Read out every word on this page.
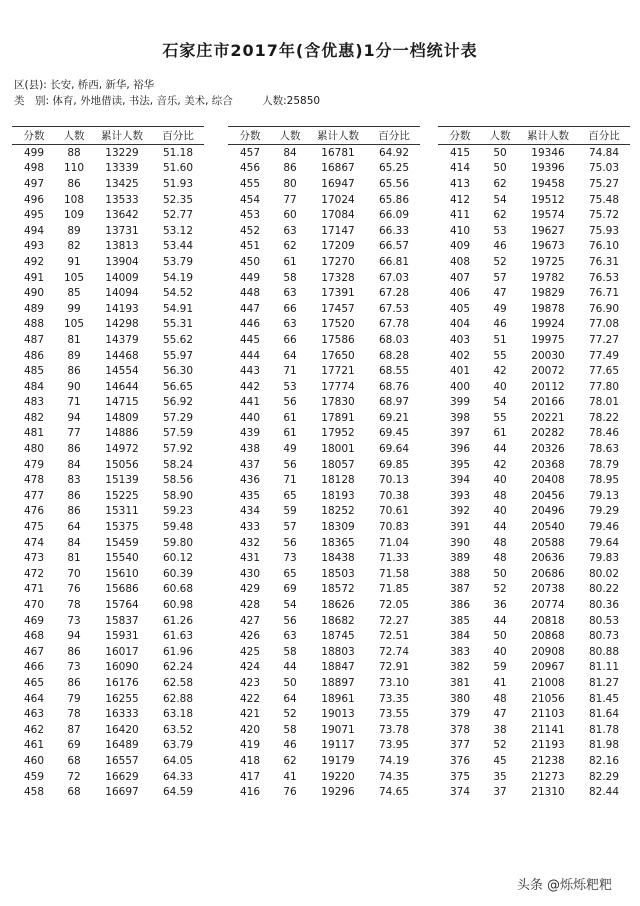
石家庄市2017年(含优惠)1分一档统计表
区(县): 长安, 桥西, 新华, 裕华
类　别: 体育, 外地借读, 书法, 音乐, 美术, 综合	人数:25850
分数	人数	累计人数	百分比
499	88	13229	51.18
498	110	13339	51.60
497	86	13425	51.93
496	108	13533	52.35
495	109	13642	52.77
494	89	13731	53.12
493	82	13813	53.44
492	91	13904	53.79
491	105	14009	54.19
490	85	14094	54.52
489	99	14193	54.91
488	105	14298	55.31
487	81	14379	55.62
486	89	14468	55.97
485	86	14554	56.30
484	90	14644	56.65
483	71	14715	56.92
482	94	14809	57.29
481	77	14886	57.59
480	86	14972	57.92
479	84	15056	58.24
478	83	15139	58.56
477	86	15225	58.90
476	86	15311	59.23
475	64	15375	59.48
474	84	15459	59.80
473	81	15540	60.12
472	70	15610	60.39
471	76	15686	60.68
470	78	15764	60.98
469	73	15837	61.26
468	94	15931	61.63
467	86	16017	61.96
466	73	16090	62.24
465	86	16176	62.58
464	79	16255	62.88
463	78	16333	63.18
462	87	16420	63.52
461	69	16489	63.79
460	68	16557	64.05
459	72	16629	64.33
458	68	16697	64.59
分数	人数	累计人数	百分比
457	84	16781	64.92
456	86	16867	65.25
455	80	16947	65.56
454	77	17024	65.86
453	60	17084	66.09
452	63	17147	66.33
451	62	17209	66.57
450	61	17270	66.81
449	58	17328	67.03
448	63	17391	67.28
447	66	17457	67.53
446	63	17520	67.78
445	66	17586	68.03
444	64	17650	68.28
443	71	17721	68.55
442	53	17774	68.76
441	56	17830	68.97
440	61	17891	69.21
439	61	17952	69.45
438	49	18001	69.64
437	56	18057	69.85
436	71	18128	70.13
435	65	18193	70.38
434	59	18252	70.61
433	57	18309	70.83
432	56	18365	71.04
431	73	18438	71.33
430	65	18503	71.58
429	69	18572	71.85
428	54	18626	72.05
427	56	18682	72.27
426	63	18745	72.51
425	58	18803	72.74
424	44	18847	72.91
423	50	18897	73.10
422	64	18961	73.35
421	52	19013	73.55
420	58	19071	73.78
419	46	19117	73.95
418	62	19179	74.19
417	41	19220	74.35
416	76	19296	74.65
分数	人数	累计人数	百分比
415	50	19346	74.84
414	50	19396	75.03
413	62	19458	75.27
412	54	19512	75.48
411	62	19574	75.72
410	53	19627	75.93
409	46	19673	76.10
408	52	19725	76.31
407	57	19782	76.53
406	47	19829	76.71
405	49	19878	76.90
404	46	19924	77.08
403	51	19975	77.27
402	55	20030	77.49
401	42	20072	77.65
400	40	20112	77.80
399	54	20166	78.01
398	55	20221	78.22
397	61	20282	78.46
396	44	20326	78.63
395	42	20368	78.79
394	40	20408	78.95
393	48	20456	79.13
392	40	20496	79.29
391	44	20540	79.46
390	48	20588	79.64
389	48	20636	79.83
388	50	20686	80.02
387	52	20738	80.22
386	36	20774	80.36
385	44	20818	80.53
384	50	20868	80.73
383	40	20908	80.88
382	59	20967	81.11
381	41	21008	81.27
380	48	21056	81.45
379	47	21103	81.64
378	38	21141	81.78
377	52	21193	81.98
376	45	21238	82.16
375	35	21273	82.29
374	37	21310	82.44
头条 @烁烁粑粑
